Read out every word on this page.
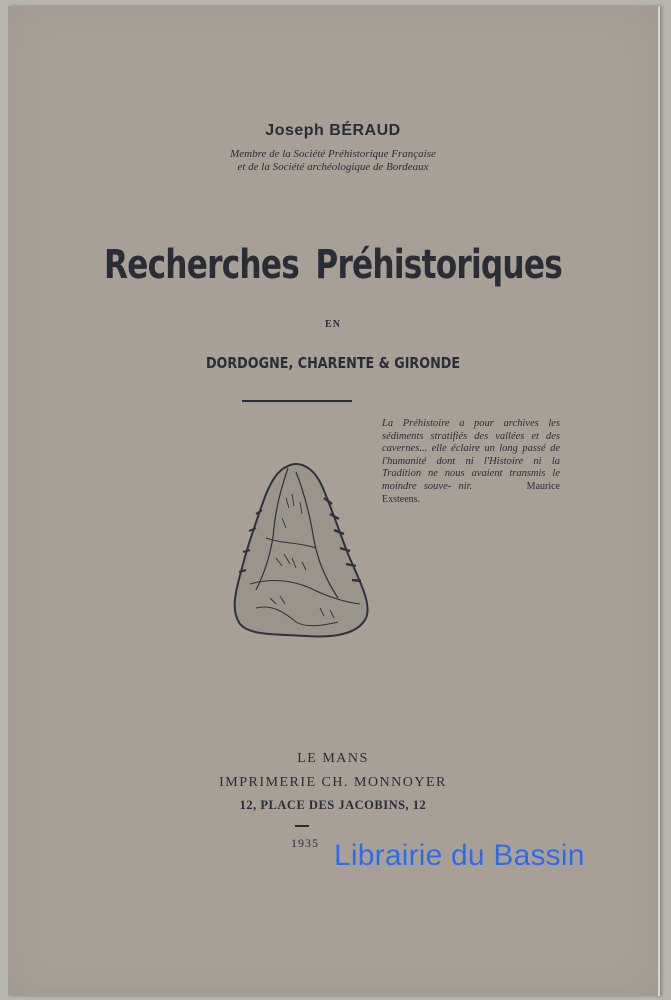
Joseph BÉRAUD
Membre de la Société Préhistorique Française
et de la Société archéologique de Bordeaux
Recherches Préhistoriques
EN
DORDOGNE, CHARENTE & GIRONDE
La Préhistoire a pour archives les sédiments stratifiés des vallées et des cavernes... elle éclaire un long passé de l'humanité dont ni l'Histoire ni la Tradition ne nous avaient transmis le moindre souve- nir.	Maurice Exsteens.
LE MANS
IMPRIMERIE CH. MONNOYER
12, PLACE DES JACOBINS, 12
1935 Librairie du Bassin
